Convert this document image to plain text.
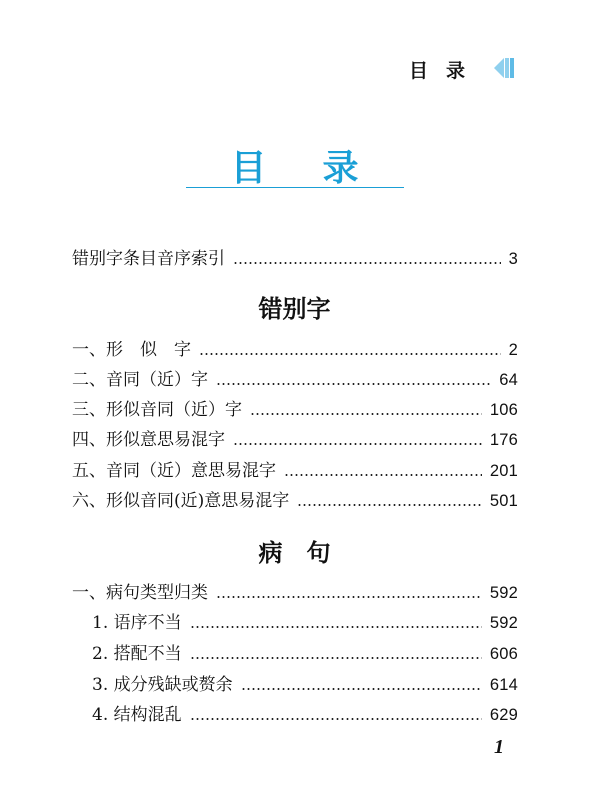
目录
目录
错别字条目音序索引	3
错别字
一、形　似　字	2
二、音同（近）字	64
三、形似音同（近）字	106
四、形似意思易混字	176
五、音同（近）意思易混字	201
六、形似音同(近)意思易混字	501
病　句
一、病句类型归类	592
1. 语序不当	592
2. 搭配不当	606
3. 成分残缺或赘余	614
4. 结构混乱	629
1
